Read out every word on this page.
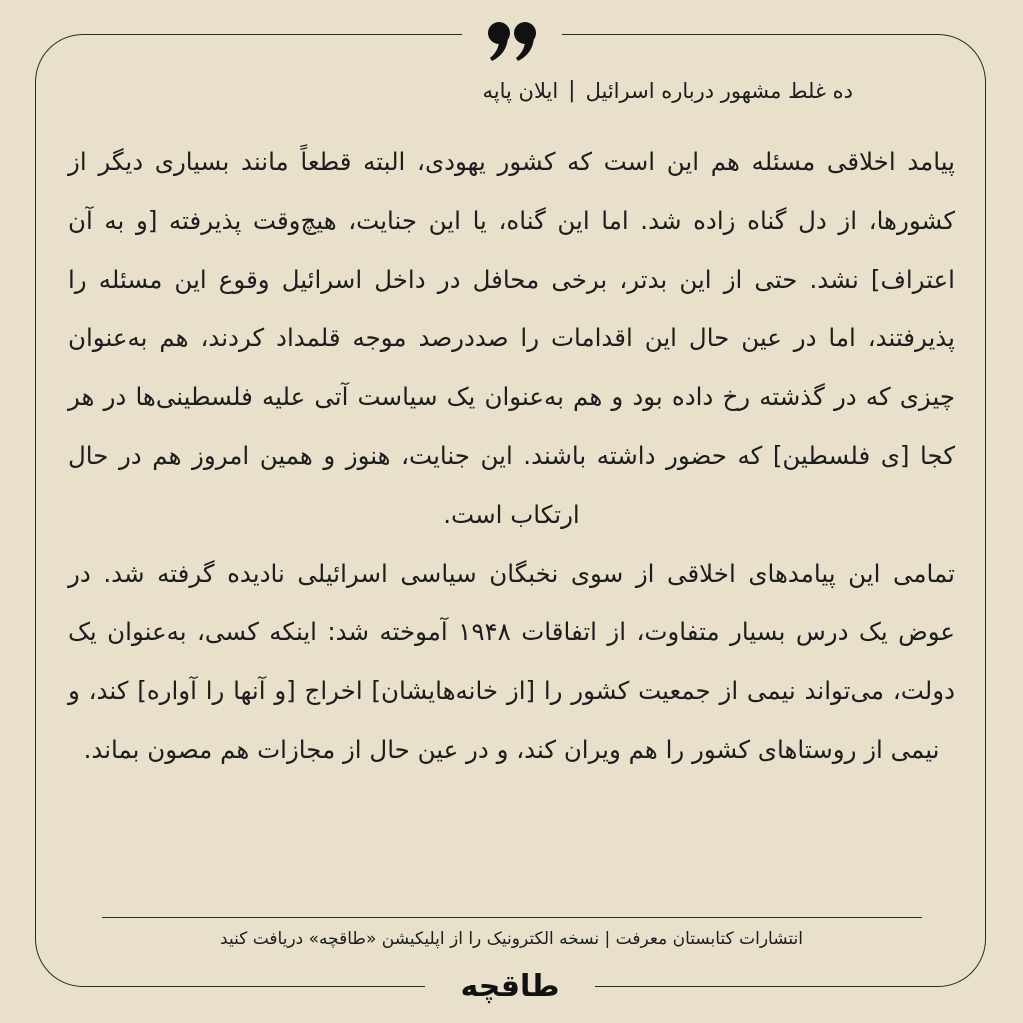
ده غلط مشهور درباره اسرائیل
|
ایلان پاپه

پیامد اخلاقی مسئله هم این است که کشور یهودی، البته قطعاً مانند بسیاری دیگر از کشورها، از دل گناه زاده شد. اما این گناه، یا این جنایت، هیچ‌وقت پذیرفته [و به آن اعتراف] نشد. حتی از این بدتر، برخی محافل در داخل اسرائیل وقوع این مسئله را پذیرفتند، اما در عین حال این اقدامات را صددرصد موجه قلمداد کردند، هم به‌عنوان چیزی که در گذشته رخ داده بود و هم به‌عنوان یک سیاست آتی علیه فلسطینی‌ها در هر کجا [ی فلسطین] که حضور داشته باشند. این جنایت، هنوز و همین امروز هم در حال ارتکاب است.

تمامی این پیامدهای اخلاقی از سوی نخبگان سیاسی اسرائیلی نادیده گرفته شد. در عوض یک درس بسیار متفاوت، از اتفاقات ۱۹۴۸ آموخته شد: اینکه کسی، به‌عنوان یک دولت، می‌تواند نیمی از جمعیت کشور را [از خانه‌هایشان] اخراج [و آنها را آواره] کند، و نیمی از روستاهای کشور را هم ویران کند، و در عین حال از مجازات هم مصون بماند.

انتشارات کتابستان معرفت | نسخه الکترونیک را از اپلیکیشن «طاقچه» دریافت کنید
طاقچه
